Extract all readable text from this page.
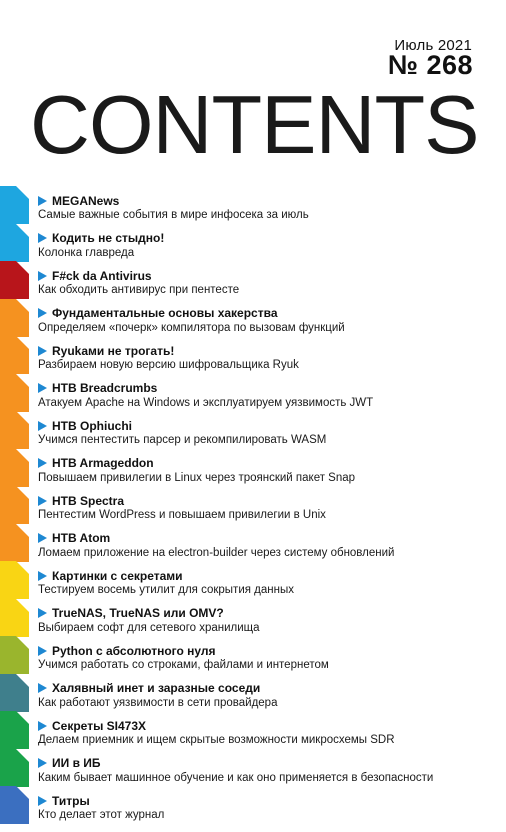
Июль 2021
№ 268
CONTENTS
MEGANews
Самые важные события в мире инфосека за июль
Кодить не стыдно!
Колонка главреда
F#ck da Antivirus
Как обходить антивирус при пентесте
Фундаментальные основы хакерства
Определяем «почерк» компилятора по вызовам функций
Ryukами не трогать!
Разбираем новую версию шифровальщика Ryuk
HTB Breadcrumbs
Атакуем Apache на Windows и эксплуатируем уязвимость JWT
HTB Ophiuchi
Учимся пентестить парсер и рекомпилировать WASM
HTB Armageddon
Повышаем привилегии в Linux через троянский пакет Snap
HTB Spectra
Пентестим WordPress и повышаем привилегии в Unix
HTB Atom
Ломаем приложение на electron-builder через систему обновлений
Картинки с секретами
Тестируем восемь утилит для сокрытия данных
TrueNAS, TrueNAS или OMV?
Выбираем софт для сетевого хранилища
Python с абсолютного нуля
Учимся работать со строками, файлами и интернетом
Халявный инет и заразные соседи
Как работают уязвимости в сети провайдера
Секреты SI473X
Делаем приемник и ищем скрытые возможности микросхемы SDR
ИИ в ИБ
Каким бывает машинное обучение и как оно применяется в безопасности
Титры
Кто делает этот журнал
